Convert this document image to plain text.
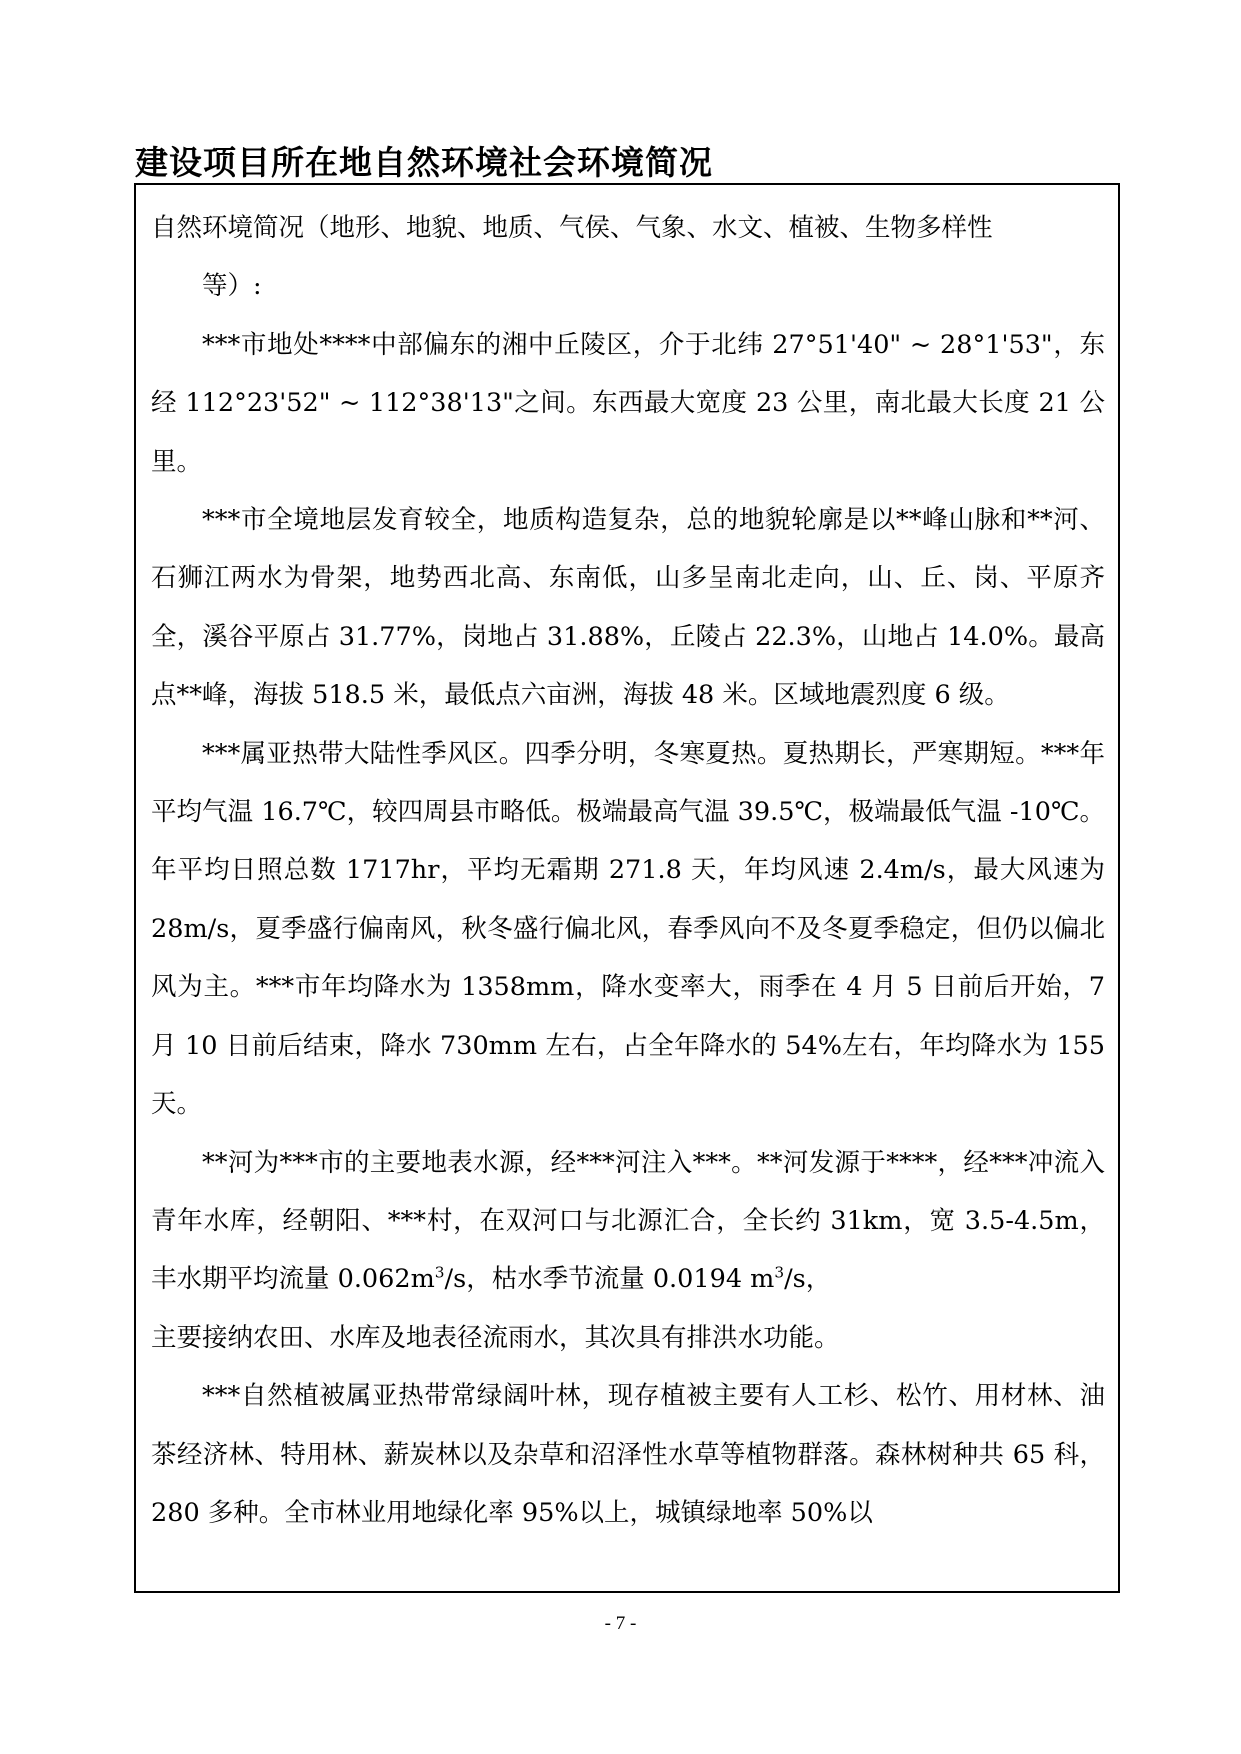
建设项目所在地自然环境社会环境简况

自然环境简况（地形、地貌、地质、气侯、气象、水文、植被、生物多样性

等）:

***市地处****中部偏东的湘中丘陵区，介于北纬 27°51'40" ~ 28°1'53"，东经 112°23'52" ~ 112°38'13"之间。东西最大宽度 23 公里，南北最大长度 21 公里。

***市全境地层发育较全，地质构造复杂，总的地貌轮廓是以**峰山脉和**河、石狮江两水为骨架，地势西北高、东南低，山多呈南北走向，山、丘、岗、平原齐全，溪谷平原占 31.77%，岗地占 31.88%，丘陵占 22.3%，山地占 14.0%。最高点**峰，海拔 518.5 米，最低点六亩洲，海拔 48 米。区域地震烈度 6 级。

***属亚热带大陆性季风区。四季分明，冬寒夏热。夏热期长，严寒期短。***年平均气温 16.7℃，较四周县市略低。极端最高气温 39.5℃，极端最低气温 -10℃。年平均日照总数 1717hr，平均无霜期 271.8 天，年均风速 2.4m/s，最大风速为 28m/s，夏季盛行偏南风，秋冬盛行偏北风，春季风向不及冬夏季稳定，但仍以偏北风为主。***市年均降水为 1358mm，降水变率大，雨季在 4 月 5 日前后开始，7 月 10 日前后结束，降水 730mm 左右，占全年降水的 54%左右，年均降水为 155 天。

**河为***市的主要地表水源，经***河注入***。**河发源于****，经***冲流入青年水库，经朝阳、***村，在双河口与北源汇合，全长约 31km，宽 3.5-4.5m，丰水期平均流量 $0.062m^3/s$，枯水季节流量 0.0194 $m^3/s$，

主要接纳农田、水库及地表径流雨水，其次具有排洪水功能。

***自然植被属亚热带常绿阔叶林，现存植被主要有人工杉、松竹、用材林、油茶经济林、特用林、薪炭林以及杂草和沼泽性水草等植物群落。森林树种共 65 科，280 多种。全市林业用地绿化率 95%以上，城镇绿地率 50%以

- 7 -
